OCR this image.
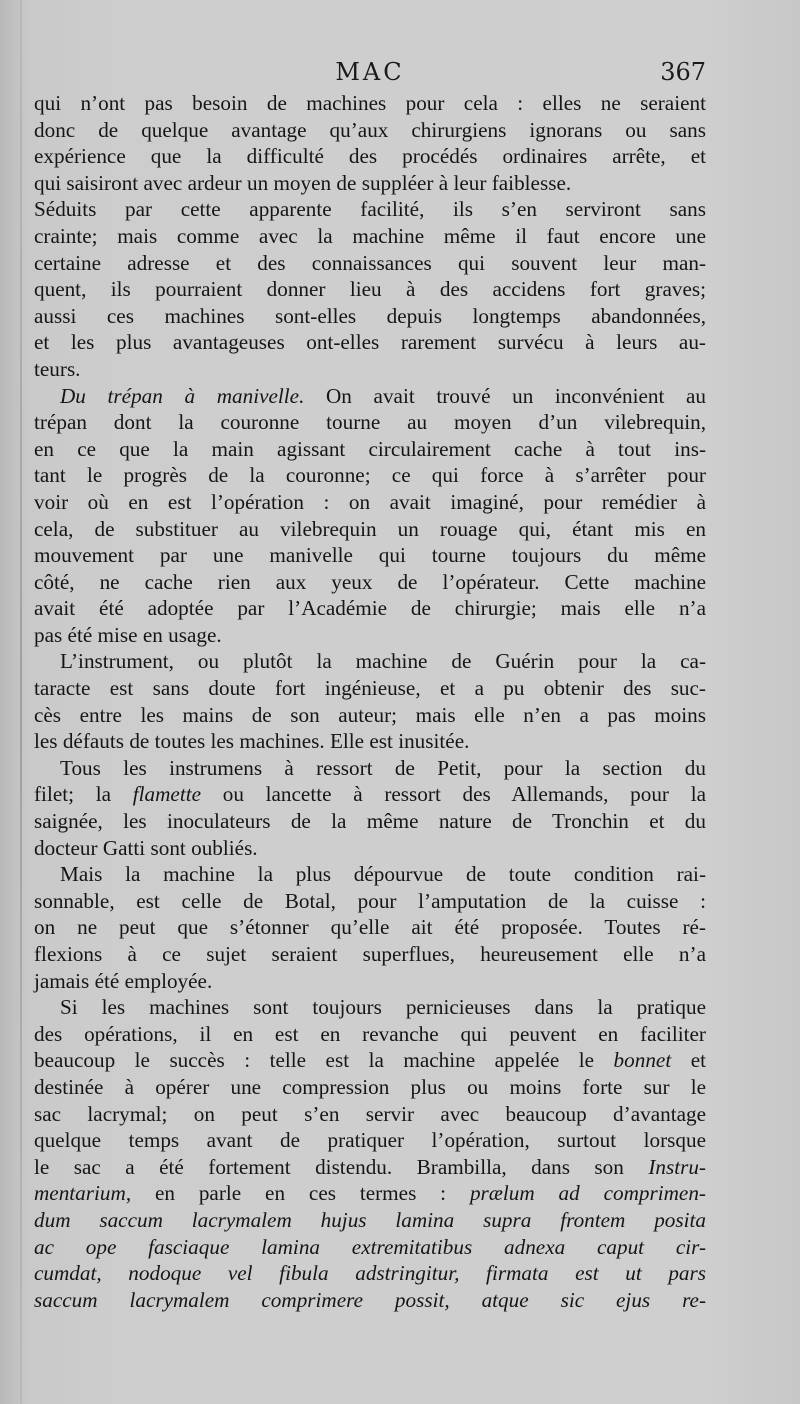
MAC	367
qui n’ont pas besoin de machines pour cela : elles ne seraient
donc de quelque avantage qu’aux chirurgiens ignorans ou sans
expérience que la difficulté des procédés ordinaires arrête, et
qui saisiront avec ardeur un moyen de suppléer à leur faiblesse.
Séduits par cette apparente facilité, ils s’en serviront sans
crainte; mais comme avec la machine même il faut encore une
certaine adresse et des connaissances qui souvent leur man-
quent, ils pourraient donner lieu à des accidens fort graves;
aussi ces machines sont-elles depuis longtemps abandonnées,
et les plus avantageuses ont-elles rarement survécu à leurs au-
teurs.
Du trépan à manivelle. On avait trouvé un inconvénient au
trépan dont la couronne tourne au moyen d’un vilebrequin,
en ce que la main agissant circulairement cache à tout ins-
tant le progrès de la couronne; ce qui force à s’arrêter pour
voir où en est l’opération : on avait imaginé, pour remédier à
cela, de substituer au vilebrequin un rouage qui, étant mis en
mouvement par une manivelle qui tourne toujours du même
côté, ne cache rien aux yeux de l’opérateur. Cette machine
avait été adoptée par l’Académie de chirurgie; mais elle n’a
pas été mise en usage.
L’instrument, ou plutôt la machine de Guérin pour la ca-
taracte est sans doute fort ingénieuse, et a pu obtenir des suc-
cès entre les mains de son auteur; mais elle n’en a pas moins
les défauts de toutes les machines. Elle est inusitée.
Tous les instrumens à ressort de Petit, pour la section du
filet; la flamette ou lancette à ressort des Allemands, pour la
saignée, les inoculateurs de la même nature de Tronchin et du
docteur Gatti sont oubliés.
Mais la machine la plus dépourvue de toute condition rai-
sonnable, est celle de Botal, pour l’amputation de la cuisse :
on ne peut que s’étonner qu’elle ait été proposée. Toutes ré-
flexions à ce sujet seraient superflues, heureusement elle n’a
jamais été employée.
Si les machines sont toujours pernicieuses dans la pratique
des opérations, il en est en revanche qui peuvent en faciliter
beaucoup le succès : telle est la machine appelée le bonnet et
destinée à opérer une compression plus ou moins forte sur le
sac lacrymal; on peut s’en servir avec beaucoup d’avantage
quelque temps avant de pratiquer l’opération, surtout lorsque
le sac a été fortement distendu. Brambilla, dans son Instru-
mentarium, en parle en ces termes : prælum ad comprimen-
dum saccum lacrymalem hujus lamina supra frontem posita
ac ope fasciaque lamina extremitatibus adnexa caput cir-
cumdat, nodoque vel fibula adstringitur, firmata est ut pars
saccum lacrymalem comprimere possit, atque sic ejus re-
